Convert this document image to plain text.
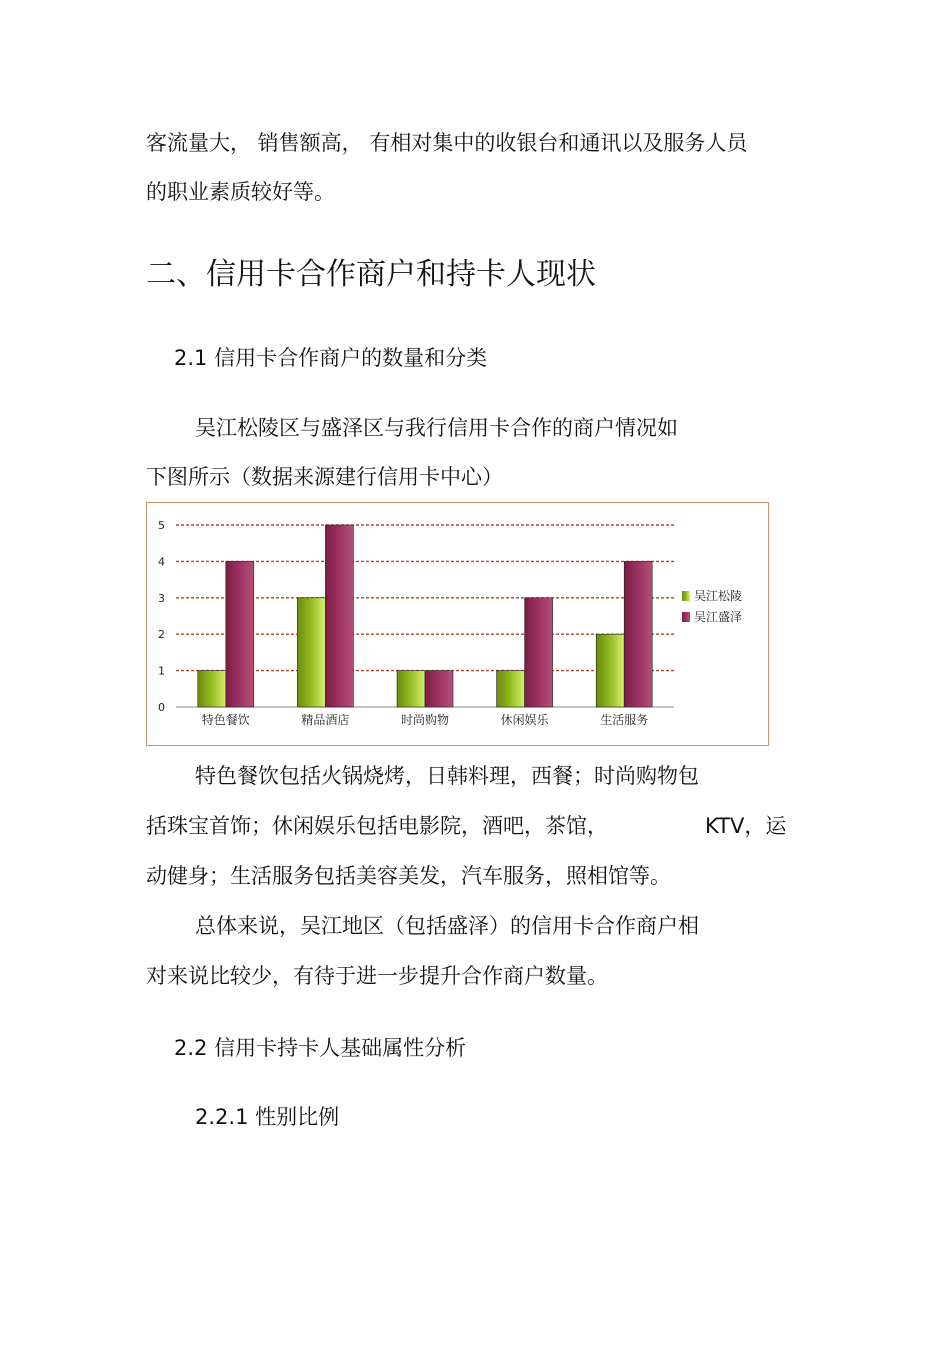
客流量大， 销售额高， 有相对集中的收银台和通讯以及服务人员
的职业素质较好等。
二、信用卡合作商户和持卡人现状
2.1 信用卡合作商户的数量和分类
吴江松陵区与盛泽区与我行信用卡合作的商户情况如
下图所示（数据来源建行信用卡中心）
0
1
2
3
4
5
特色餐饮	精品酒店	时尚购物	休闲娱乐	生活服务
吴江松陵
吴江盛泽
特色餐饮包括火锅烧烤，日韩料理，西餐；时尚购物包
括珠宝首饰；休闲娱乐包括电影院，酒吧，茶馆，	KTV，运
动健身；生活服务包括美容美发，汽车服务，照相馆等。
总体来说，吴江地区（包括盛泽）的信用卡合作商户相
对来说比较少，有待于进一步提升合作商户数量。
2.2 信用卡持卡人基础属性分析
2.2.1 性别比例
